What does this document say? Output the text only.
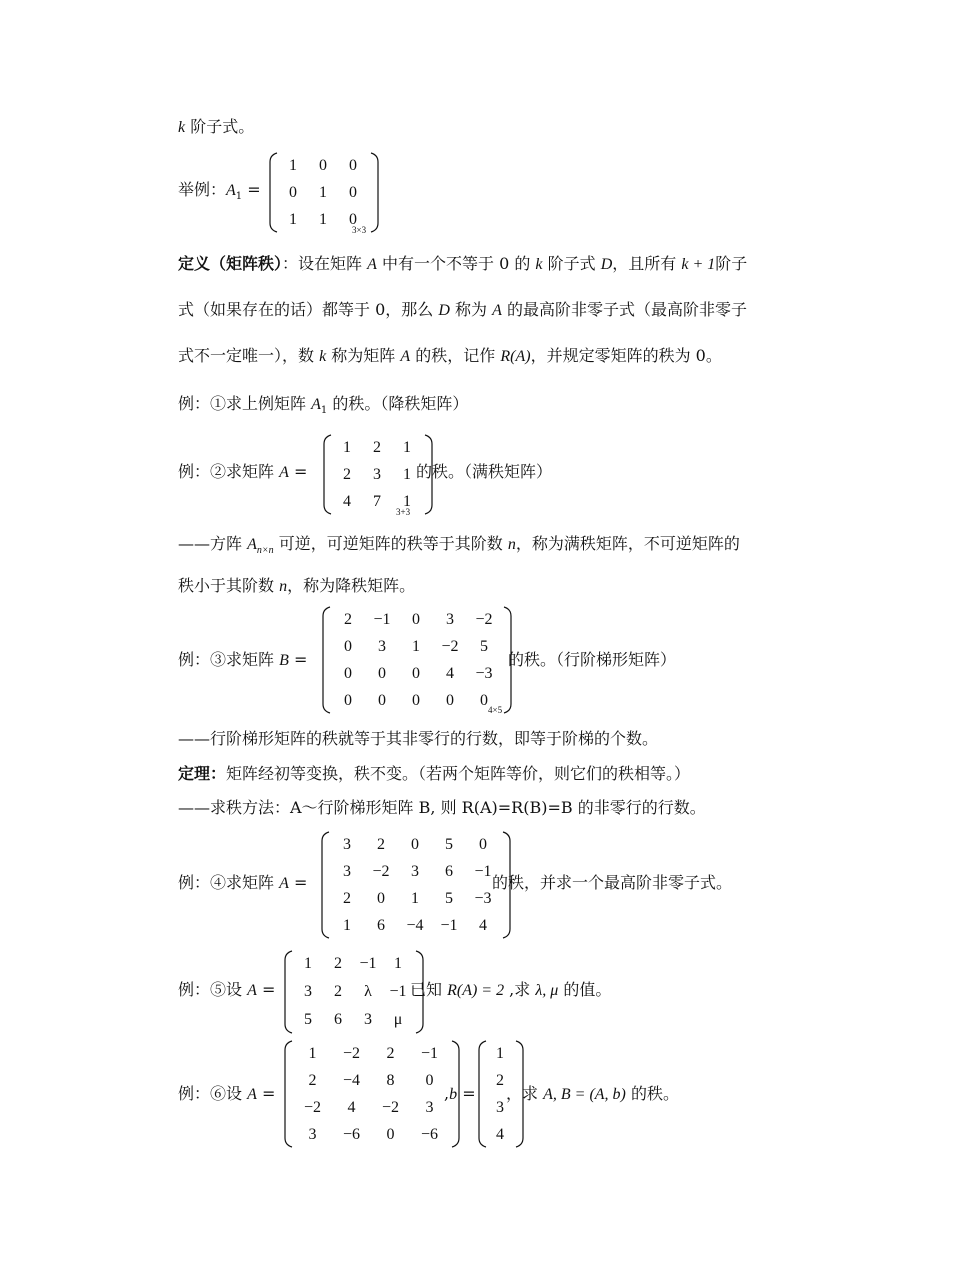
k 阶子式。
举例：$A_1$ =
1	0	0
0	1	0
1	1	0
3×3
定义（矩阵秩）：设在矩阵 A 中有一个不等于 0 的 k 阶子式 D，且所有 k + 1阶子
式（如果存在的话）都等于 0，那么 D 称为 A 的最高阶非零子式（最高阶非零子
式不一定唯一），数 k 称为矩阵 A 的秩，记作 R(A)，并规定零矩阵的秩为 0。
例：①求上例矩阵 $A_1$ 的秩。（降秩矩阵）
例：②求矩阵 A =
1	2	1
2	3	1
4	7	1
3+3
的秩。（满秩矩阵）
——方阵 $A_{n\times n}$ 可逆，可逆矩阵的秩等于其阶数 n，称为满秩矩阵，不可逆矩阵的
秩小于其阶数 n，称为降秩矩阵。
例：③求矩阵 B =
2	−1	0	3	−2
0	3	1	−2	5
0	0	0	4	−3
0	0	0	0	0
4×5
的秩。（行阶梯形矩阵）
——行阶梯形矩阵的秩就等于其非零行的行数，即等于阶梯的个数。
定理：矩阵经初等变换，秩不变。（若两个矩阵等价，则它们的秩相等。）
——求秩方法：A～行阶梯形矩阵 B, 则 R(A)=R(B)=B 的非零行的行数。
例：④求矩阵 A =
3	2	0	5	0
3	−2	3	6	−1
2	0	1	5	−3
1	6	−4	−1	4
的秩，并求一个最高阶非零子式。
例：⑤设 A =
1	2	−1	1
3	2	λ	−1
5	6	3	μ
已知 R(A) = 2 ,求 λ, μ 的值。
例：⑥设 A =
1	−2	2	−1
2	−4	8	0
−2	4	−2	3
3	−6	0	−6
,b =
1
2
3
4
，求 A, B = (A, b) 的秩。
